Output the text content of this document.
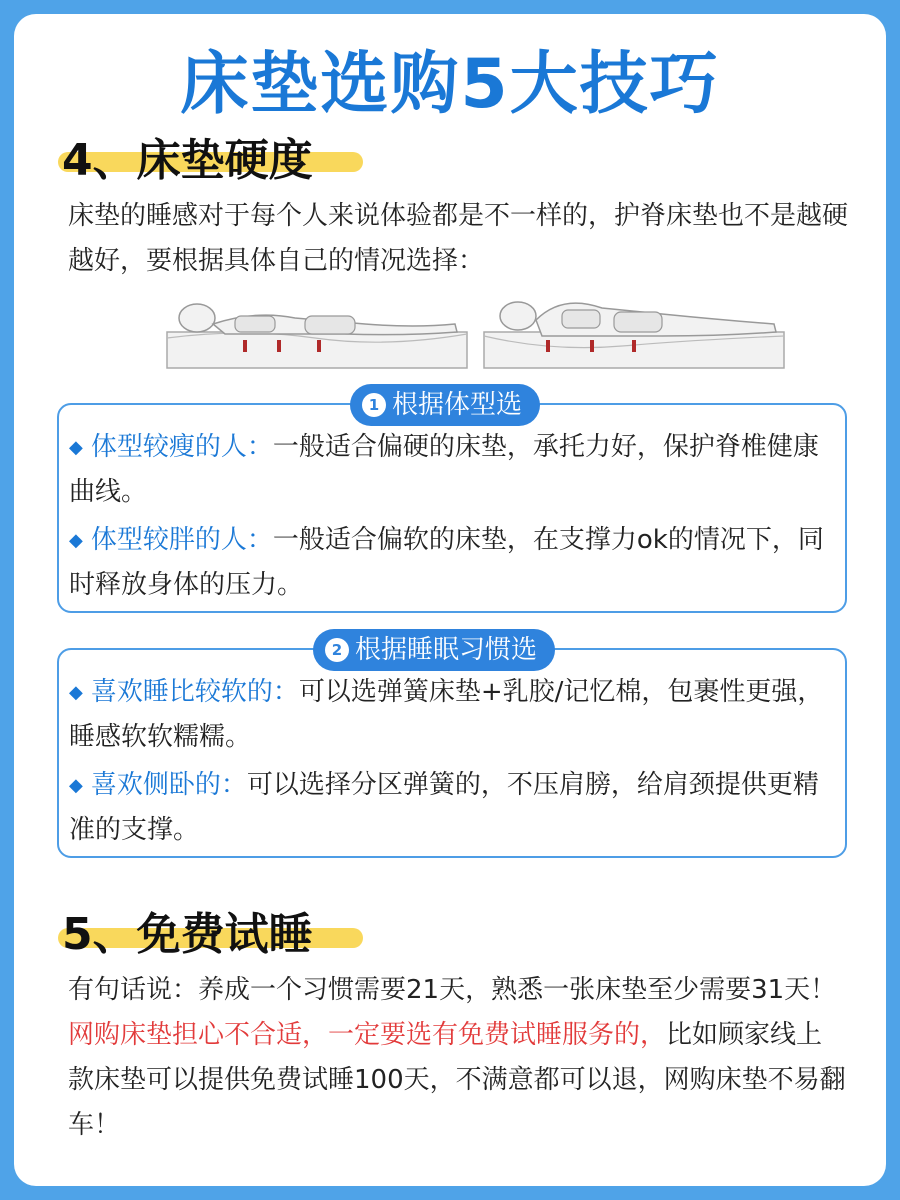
床垫选购5大技巧
4、床垫硬度
床垫的睡感对于每个人来说体验都是不一样的，护脊床垫也不是越硬越好，要根据具体自己的情况选择：
◆ 体型较瘦的人：一般适合偏硬的床垫，承托力好，保护脊椎健康曲线。
◆ 体型较胖的人：一般适合偏软的床垫，在支撑力ok的情况下，同时释放身体的压力。
1 根据体型选
◆ 喜欢睡比较软的：可以选弹簧床垫+乳胶/记忆棉，包裹性更强，睡感软软糯糯。
◆ 喜欢侧卧的：可以选择分区弹簧的，不压肩膀，给肩颈提供更精准的支撑。
2 根据睡眠习惯选
5、免费试睡
有句话说：养成一个习惯需要21天，熟悉一张床垫至少需要31天！网购床垫担心不合适，一定要选有免费试睡服务的，比如顾家线上款床垫可以提供免费试睡100天，不满意都可以退，网购床垫不易翻车！
